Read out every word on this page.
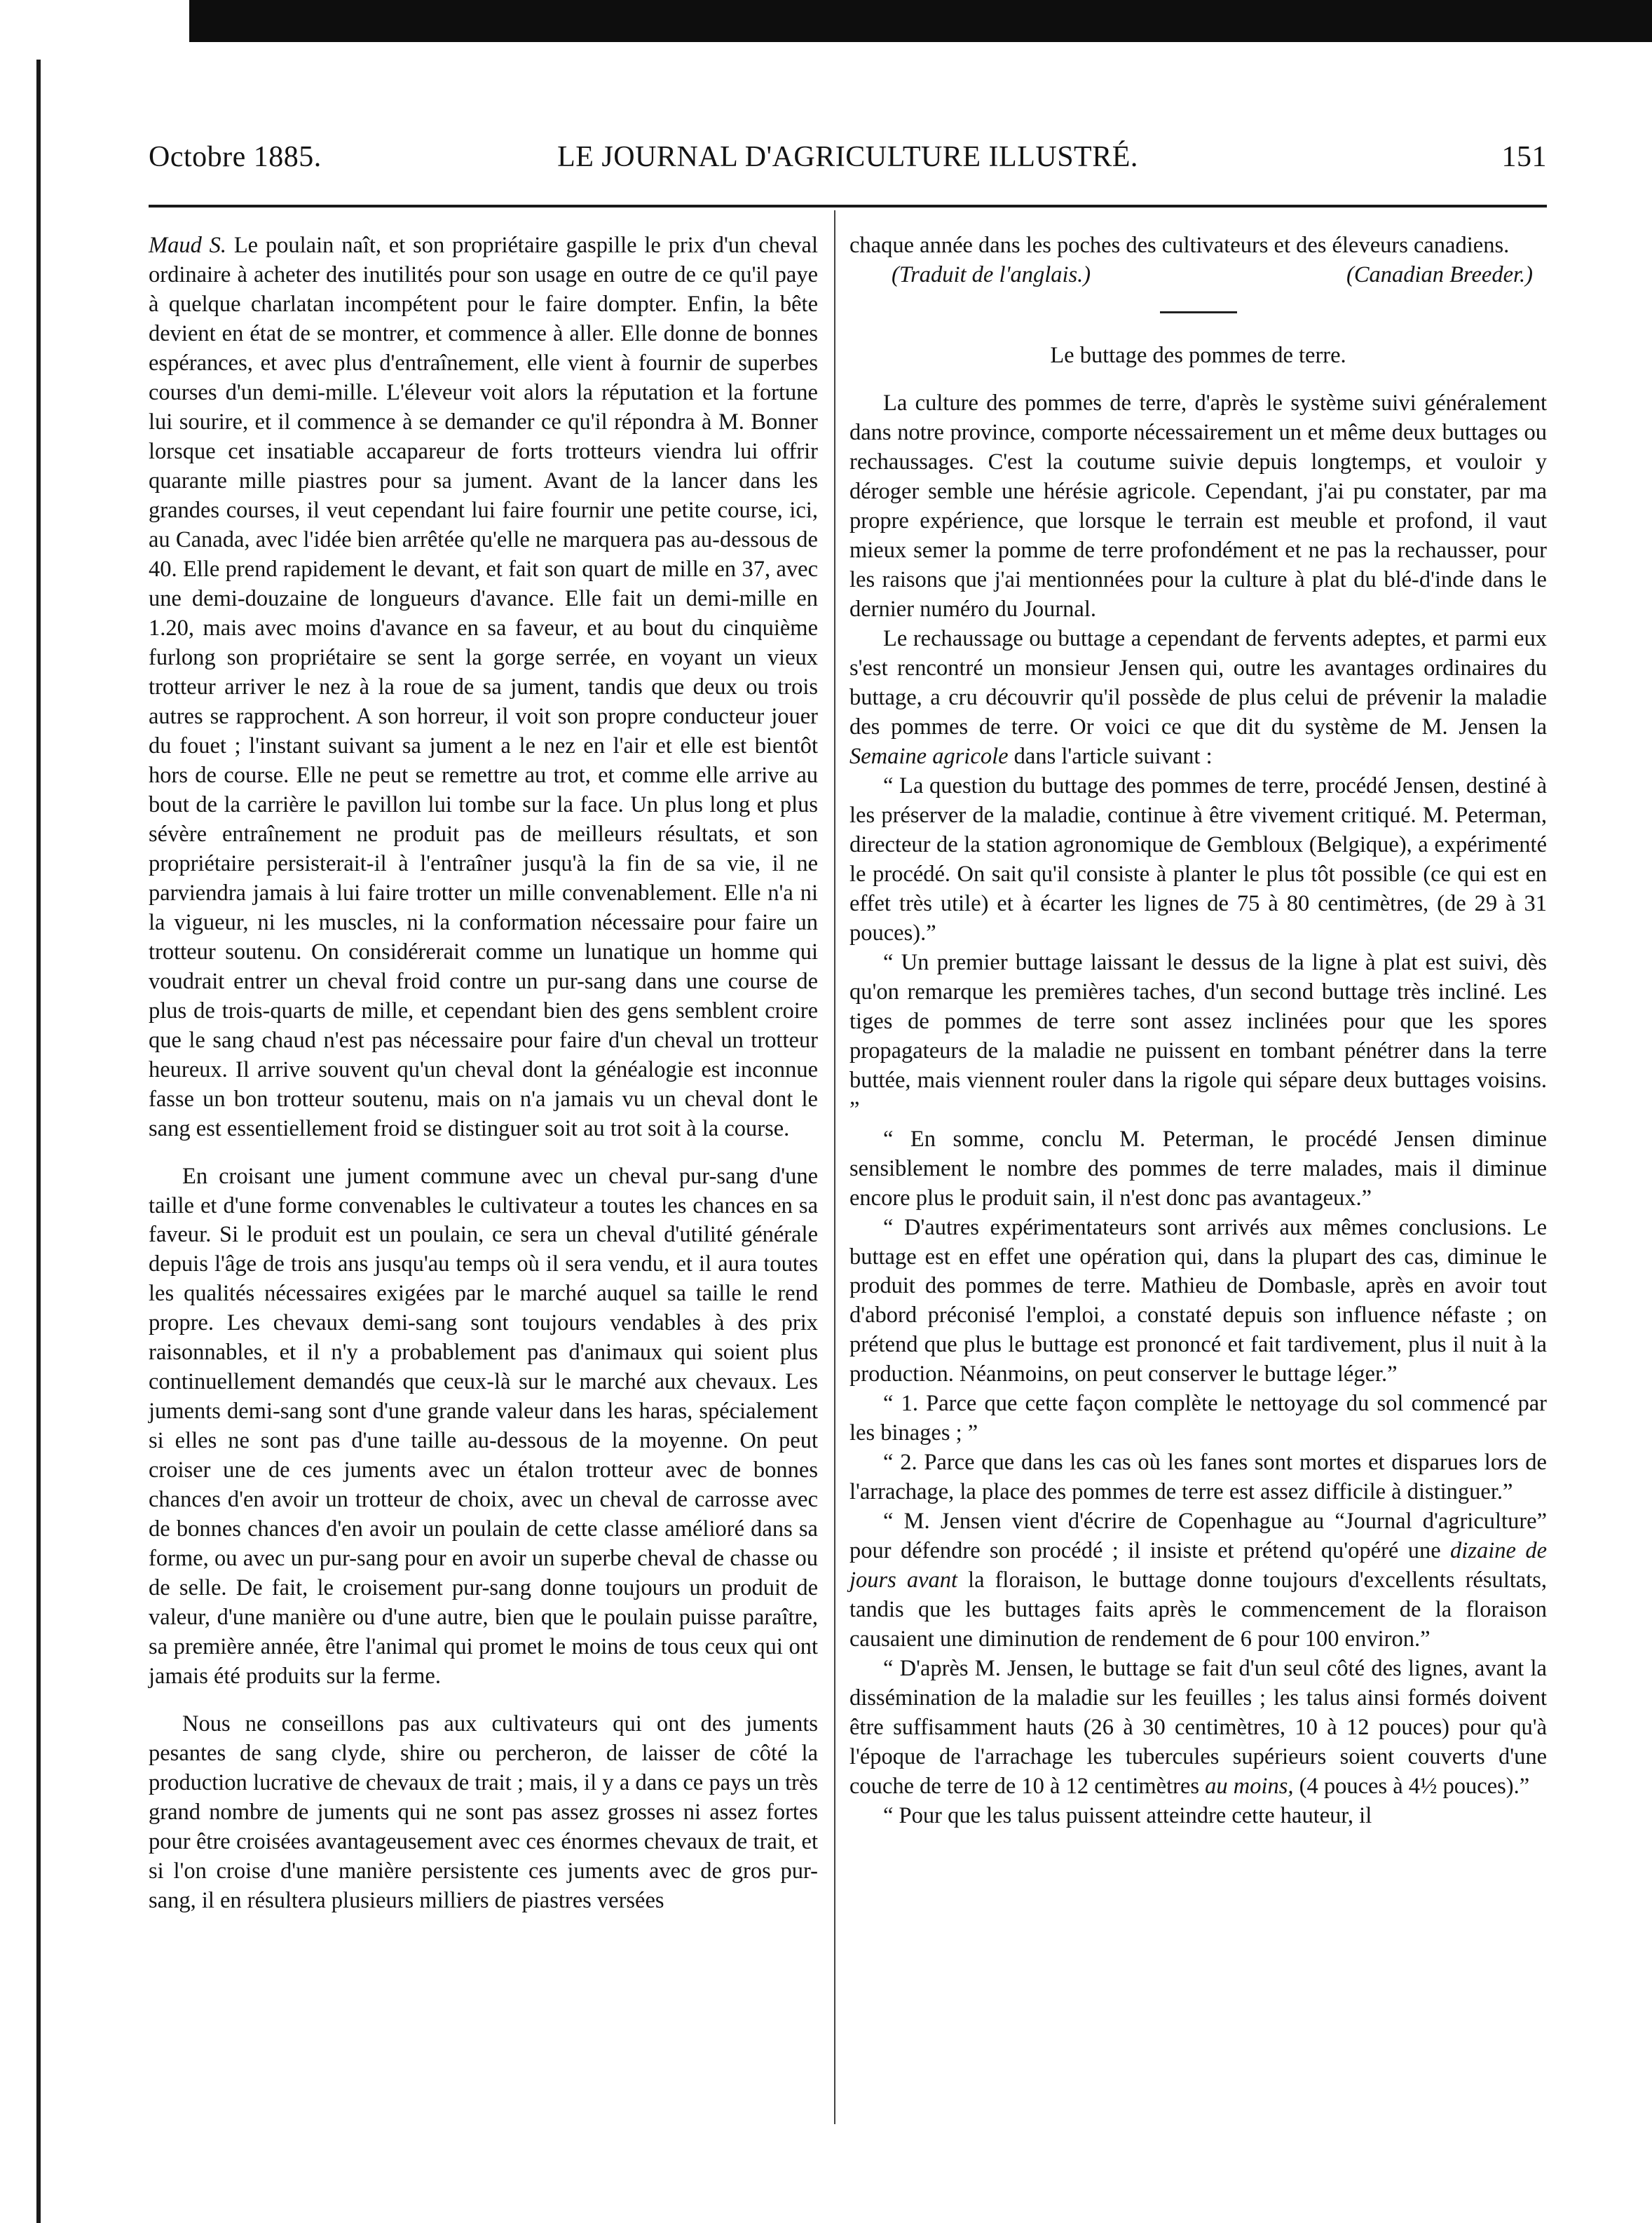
Octobre 1885.	LE JOURNAL D'AGRICULTURE ILLUSTRÉ.	151

Maud S. Le poulain naît, et son propriétaire gaspille le prix d'un cheval ordinaire à acheter des inutilités pour son usage en outre de ce qu'il paye à quelque charlatan incompétent pour le faire dompter. Enfin, la bête devient en état de se montrer, et commence à aller. Elle donne de bonnes espérances, et avec plus d'entraînement, elle vient à fournir de superbes courses d'un demi-mille. L'éleveur voit alors la réputation et la fortune lui sourire, et il commence à se demander ce qu'il répondra à M. Bonner lorsque cet insatiable accapareur de forts trotteurs viendra lui offrir quarante mille piastres pour sa jument. Avant de la lancer dans les grandes courses, il veut cependant lui faire fournir une petite course, ici, au Canada, avec l'idée bien arrêtée qu'elle ne marquera pas au-dessous de 40. Elle prend rapidement le devant, et fait son quart de mille en 37, avec une demi-douzaine de longueurs d'avance. Elle fait un demi-mille en 1.20, mais avec moins d'avance en sa faveur, et au bout du cinquième furlong son propriétaire se sent la gorge serrée, en voyant un vieux trotteur arriver le nez à la roue de sa jument, tandis que deux ou trois autres se rapprochent. A son horreur, il voit son propre conducteur jouer du fouet ; l'instant suivant sa jument a le nez en l'air et elle est bientôt hors de course. Elle ne peut se remettre au trot, et comme elle arrive au bout de la carrière le pavillon lui tombe sur la face. Un plus long et plus sévère entraînement ne produit pas de meilleurs résultats, et son propriétaire persisterait-il à l'entraîner jusqu'à la fin de sa vie, il ne parviendra jamais à lui faire trotter un mille convenablement. Elle n'a ni la vigueur, ni les muscles, ni la conformation nécessaire pour faire un trotteur soutenu. On considérerait comme un lunatique un homme qui voudrait entrer un cheval froid contre un pur-sang dans une course de plus de trois-quarts de mille, et cependant bien des gens semblent croire que le sang chaud n'est pas nécessaire pour faire d'un cheval un trotteur heureux. Il arrive souvent qu'un cheval dont la généalogie est inconnue fasse un bon trotteur soutenu, mais on n'a jamais vu un cheval dont le sang est essentiellement froid se distinguer soit au trot soit à la course.

En croisant une jument commune avec un cheval pur-sang d'une taille et d'une forme convenables le cultivateur a toutes les chances en sa faveur. Si le produit est un poulain, ce sera un cheval d'utilité générale depuis l'âge de trois ans jusqu'au temps où il sera vendu, et il aura toutes les qualités nécessaires exigées par le marché auquel sa taille le rend propre. Les chevaux demi-sang sont toujours vendables à des prix raisonnables, et il n'y a probablement pas d'animaux qui soient plus continuellement demandés que ceux-là sur le marché aux chevaux. Les juments demi-sang sont d'une grande valeur dans les haras, spécialement si elles ne sont pas d'une taille au-dessous de la moyenne. On peut croiser une de ces juments avec un étalon trotteur avec de bonnes chances d'en avoir un trotteur de choix, avec un cheval de carrosse avec de bonnes chances d'en avoir un poulain de cette classe amélioré dans sa forme, ou avec un pur-sang pour en avoir un superbe cheval de chasse ou de selle. De fait, le croisement pur-sang donne toujours un produit de valeur, d'une manière ou d'une autre, bien que le poulain puisse paraître, sa première année, être l'animal qui promet le moins de tous ceux qui ont jamais été produits sur la ferme.

Nous ne conseillons pas aux cultivateurs qui ont des juments pesantes de sang clyde, shire ou percheron, de laisser de côté la production lucrative de chevaux de trait ; mais, il y a dans ce pays un très grand nombre de juments qui ne sont pas assez grosses ni assez fortes pour être croisées avantageusement avec ces énormes chevaux de trait, et si l'on croise d'une manière persistente ces juments avec de gros pur-sang, il en résultera plusieurs milliers de piastres versées

chaque année dans les poches des cultivateurs et des éleveurs canadiens.

(Traduit de l'anglais.)	(Canadian Breeder.)
Le buttage des pommes de terre.

La culture des pommes de terre, d'après le système suivi généralement dans notre province, comporte nécessairement un et même deux buttages ou rechaussages. C'est la coutume suivie depuis longtemps, et vouloir y déroger semble une hérésie agricole. Cependant, j'ai pu constater, par ma propre expérience, que lorsque le terrain est meuble et profond, il vaut mieux semer la pomme de terre profondément et ne pas la rechausser, pour les raisons que j'ai mentionnées pour la culture à plat du blé-d'inde dans le dernier numéro du Journal.

Le rechaussage ou buttage a cependant de fervents adeptes, et parmi eux s'est rencontré un monsieur Jensen qui, outre les avantages ordinaires du buttage, a cru découvrir qu'il possède de plus celui de prévenir la maladie des pommes de terre. Or voici ce que dit du système de M. Jensen la Semaine agricole dans l'article suivant :

“ La question du buttage des pommes de terre, procédé Jensen, destiné à les préserver de la maladie, continue à être vivement critiqué. M. Peterman, directeur de la station agronomique de Gembloux (Belgique), a expérimenté le procédé. On sait qu'il consiste à planter le plus tôt possible (ce qui est en effet très utile) et à écarter les lignes de 75 à 80 centimètres, (de 29 à 31 pouces).”

“ Un premier buttage laissant le dessus de la ligne à plat est suivi, dès qu'on remarque les premières taches, d'un second buttage très incliné. Les tiges de pommes de terre sont assez inclinées pour que les spores propagateurs de la maladie ne puissent en tombant pénétrer dans la terre buttée, mais viennent rouler dans la rigole qui sépare deux buttages voisins. ”

“ En somme, conclu M. Peterman, le procédé Jensen diminue sensiblement le nombre des pommes de terre malades, mais il diminue encore plus le produit sain, il n'est donc pas avantageux.”

“ D'autres expérimentateurs sont arrivés aux mêmes conclusions. Le buttage est en effet une opération qui, dans la plupart des cas, diminue le produit des pommes de terre. Mathieu de Dombasle, après en avoir tout d'abord préconisé l'emploi, a constaté depuis son influence néfaste ; on prétend que plus le buttage est prononcé et fait tardivement, plus il nuit à la production. Néanmoins, on peut conserver le buttage léger.”

“ 1. Parce que cette façon complète le nettoyage du sol commencé par les binages ; ”

“ 2. Parce que dans les cas où les fanes sont mortes et disparues lors de l'arrachage, la place des pommes de terre est assez difficile à distinguer.”

“ M. Jensen vient d'écrire de Copenhague au “Journal d'agriculture” pour défendre son procédé ; il insiste et prétend qu'opéré une dizaine de jours avant la floraison, le buttage donne toujours d'excellents résultats, tandis que les buttages faits après le commencement de la floraison causaient une diminution de rendement de 6 pour 100 environ.”

“ D'après M. Jensen, le buttage se fait d'un seul côté des lignes, avant la dissémination de la maladie sur les feuilles ; les talus ainsi formés doivent être suffisamment hauts (26 à 30 centimètres, 10 à 12 pouces) pour qu'à l'époque de l'arrachage les tubercules supérieurs soient couverts d'une couche de terre de 10 à 12 centimètres au moins, (4 pouces à 4½ pouces).”

“ Pour que les talus puissent atteindre cette hauteur, il
